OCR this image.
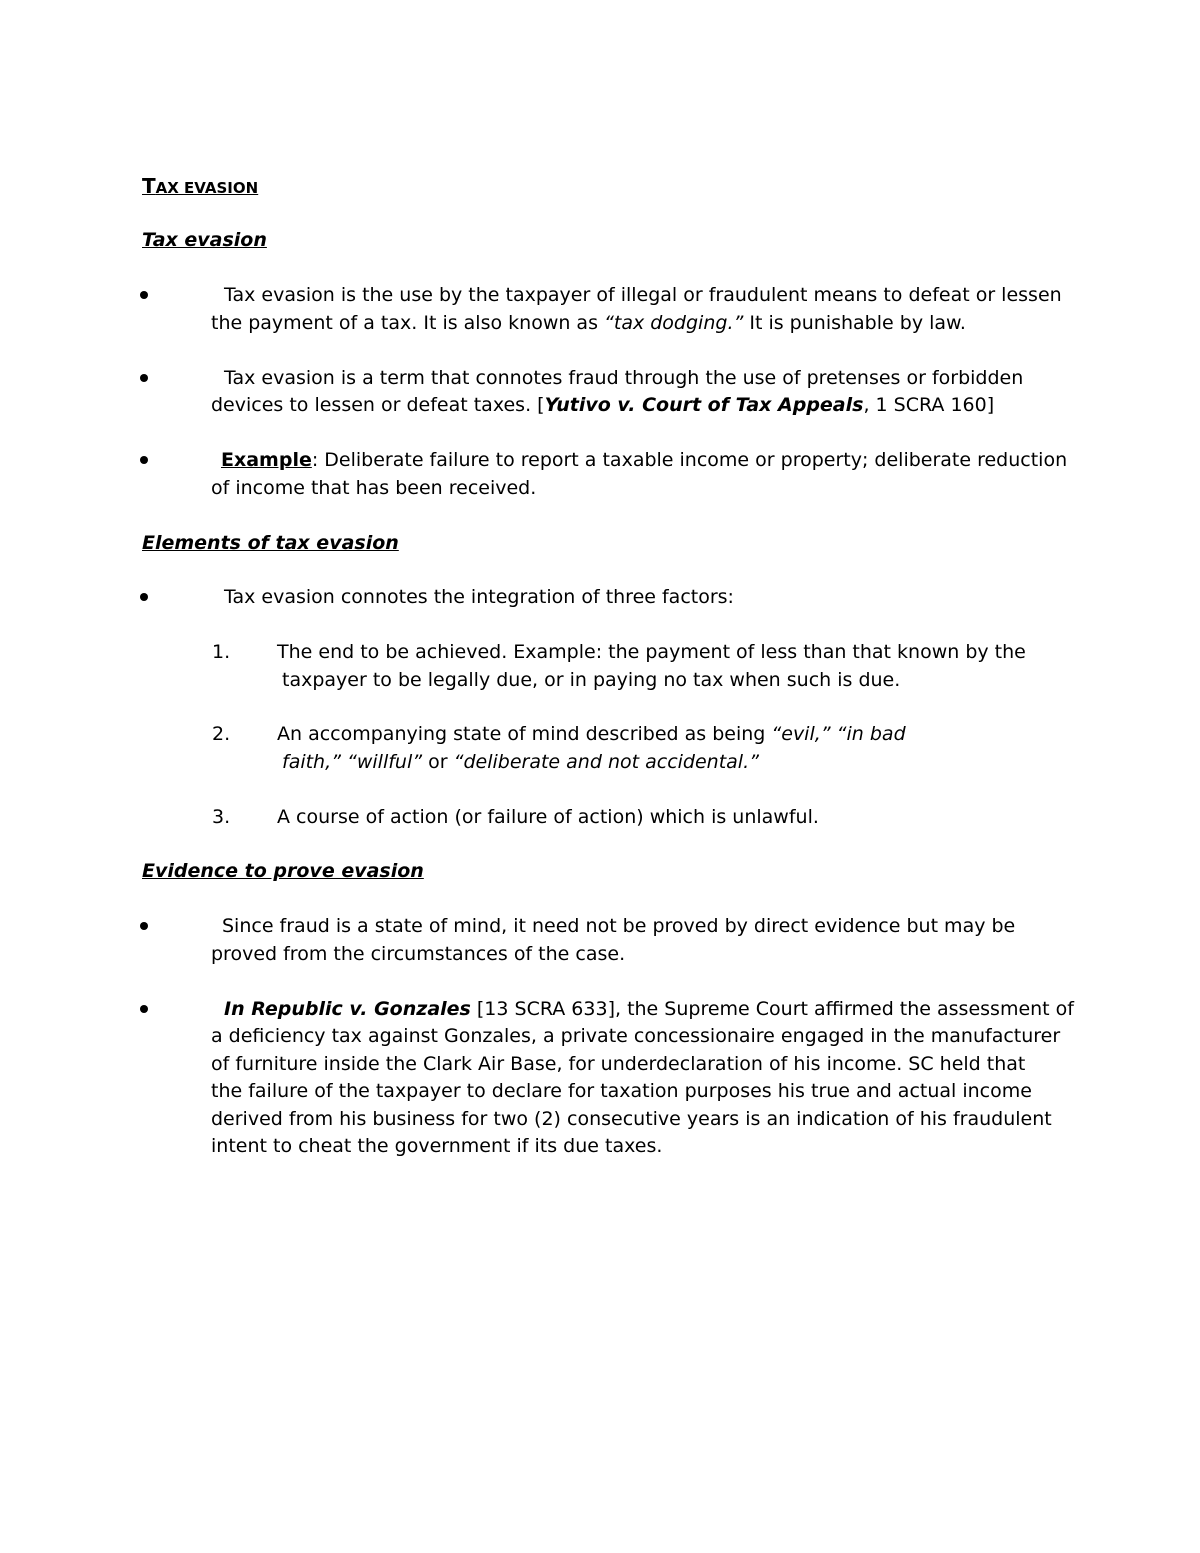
TAX EVASION
Tax evasion
Tax evasion is the use by the taxpayer of illegal or fraudulent means to defeat or lessen
the payment of a tax. It is also known as “tax dodging.” It is punishable by law.
Tax evasion is a term that connotes fraud through the use of pretenses or forbidden
devices to lessen or defeat taxes. [Yutivo v. Court of Tax Appeals, 1 SCRA 160]
Example: Deliberate failure to report a taxable income or property; deliberate reduction
of income that has been received.
Elements of tax evasion
Tax evasion connotes the integration of three factors:
1. The end to be achieved. Example: the payment of less than that known by the
taxpayer to be legally due, or in paying no tax when such is due.
2. An accompanying state of mind described as being “evil,” “in bad
faith,” “willful” or “deliberate and not accidental.”
3. A course of action (or failure of action) which is unlawful.
Evidence to prove evasion
Since fraud is a state of mind, it need not be proved by direct evidence but may be
proved from the circumstances of the case.
In Republic v. Gonzales [13 SCRA 633], the Supreme Court affirmed the assessment of
a deficiency tax against Gonzales, a private concessionaire engaged in the manufacturer
of furniture inside the Clark Air Base, for underdeclaration of his income. SC held that
the failure of the taxpayer to declare for taxation purposes his true and actual income
derived from his business for two (2) consecutive years is an indication of his fraudulent
intent to cheat the government if its due taxes.
